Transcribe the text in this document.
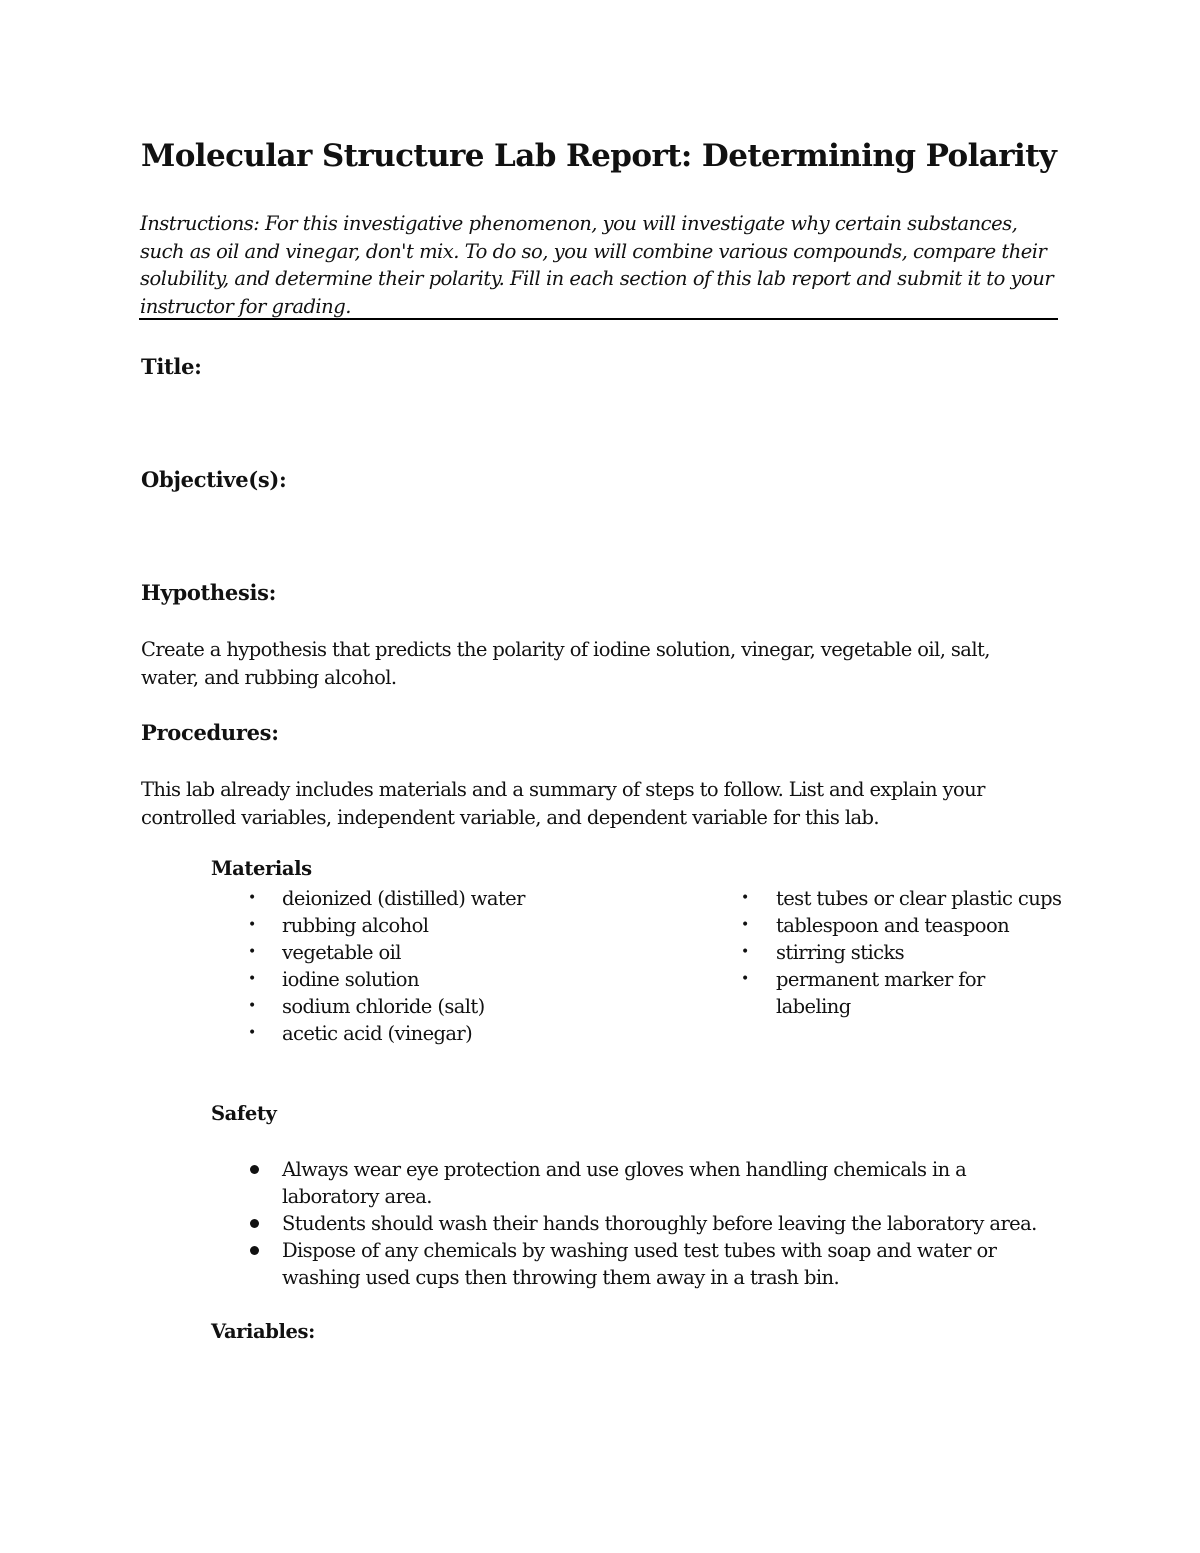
Molecular Structure Lab Report: Determining Polarity
Instructions: For this investigative phenomenon, you will investigate why certain substances, such as oil and vinegar, don't mix. To do so, you will combine various compounds, compare their solubility, and determine their polarity. Fill in each section of this lab report and submit it to your instructor for grading.
Title:
Objective(s):
Hypothesis:
Create a hypothesis that predicts the polarity of iodine solution, vinegar, vegetable oil, salt, water, and rubbing alcohol.
Procedures:
This lab already includes materials and a summary of steps to follow. List and explain your controlled variables, independent variable, and dependent variable for this lab.
Materials
• deionized (distilled) water
• rubbing alcohol
• vegetable oil
• iodine solution
• sodium chloride (salt)
• acetic acid (vinegar)
• test tubes or clear plastic cups
• tablespoon and teaspoon
• stirring sticks
• permanent marker for labeling
Safety
Always wear eye protection and use gloves when handling chemicals in a laboratory area.
Students should wash their hands thoroughly before leaving the laboratory area.
Dispose of any chemicals by washing used test tubes with soap and water or washing used cups then throwing them away in a trash bin.
Variables:
